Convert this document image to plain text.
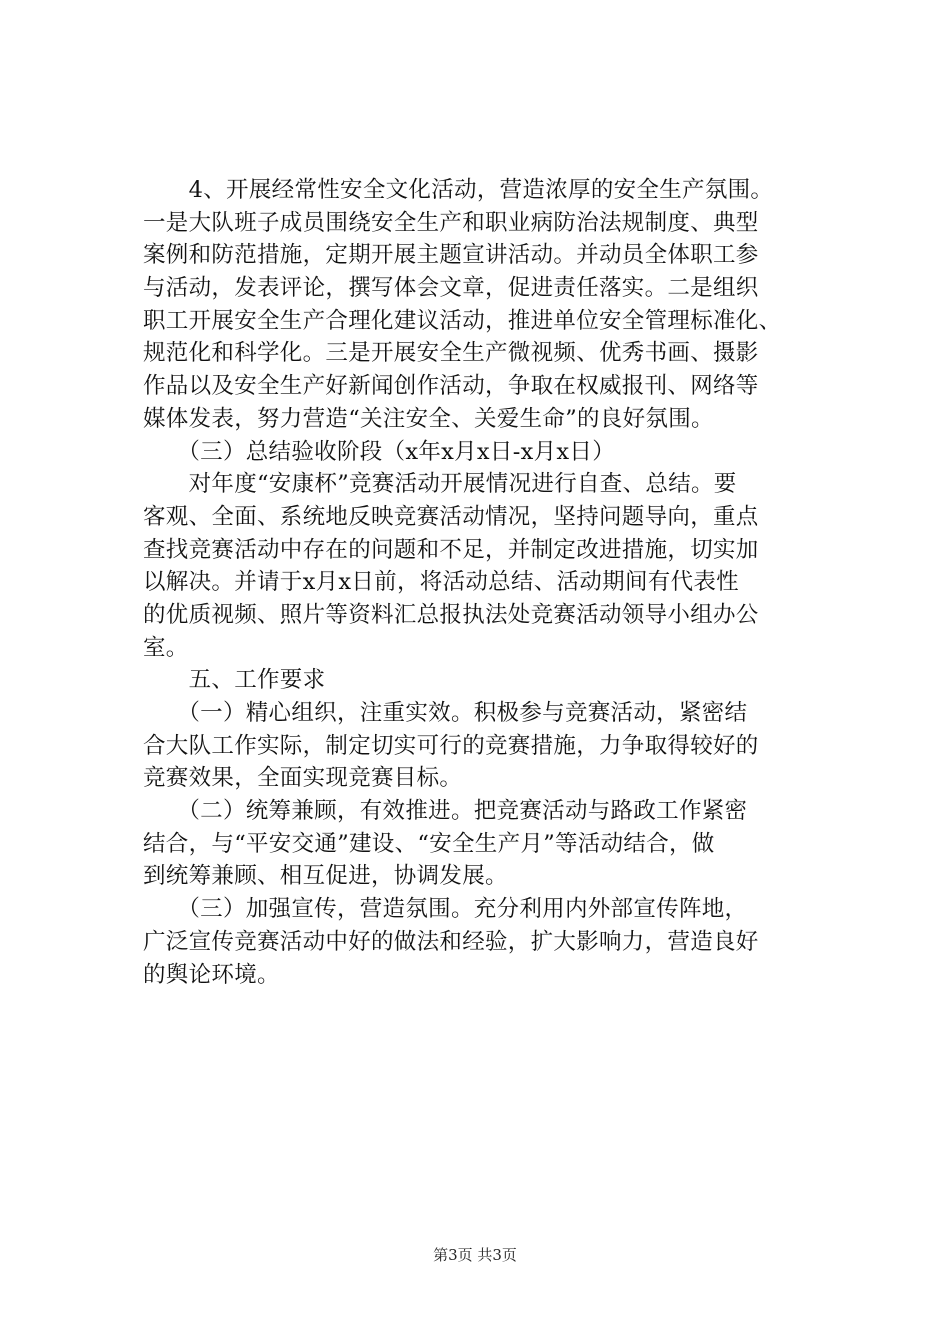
　　4、开展经常性安全文化活动，营造浓厚的安全生产氛围。
一是大队班子成员围绕安全生产和职业病防治法规制度、典型
案例和防范措施，定期开展主题宣讲活动。并动员全体职工参
与活动，发表评论，撰写体会文章，促进责任落实。二是组织
职工开展安全生产合理化建议活动，推进单位安全管理标准化、
规范化和科学化。三是开展安全生产微视频、优秀书画、摄影
作品以及安全生产好新闻创作活动，争取在权威报刊、网络等
媒体发表，努力营造“关注安全、关爱生命”的良好氛围。
　　（三）总结验收阶段（x年x月x日-x月x日）
　　对年度“安康杯”竞赛活动开展情况进行自查、总结。要
客观、全面、系统地反映竞赛活动情况，坚持问题导向，重点
查找竞赛活动中存在的问题和不足，并制定改进措施，切实加
以解决。并请于x月x日前，将活动总结、活动期间有代表性
的优质视频、照片等资料汇总报执法处竞赛活动领导小组办公
室。
　　五、工作要求
　　（一）精心组织，注重实效。积极参与竞赛活动，紧密结
合大队工作实际，制定切实可行的竞赛措施，力争取得较好的
竞赛效果，全面实现竞赛目标。
　　（二）统筹兼顾，有效推进。把竞赛活动与路政工作紧密
结合，与“平安交通”建设、“安全生产月”等活动结合，做
到统筹兼顾、相互促进，协调发展。
　　（三）加强宣传，营造氛围。充分利用内外部宣传阵地，
广泛宣传竞赛活动中好的做法和经验，扩大影响力，营造良好
的舆论环境。
第3页 共3页
